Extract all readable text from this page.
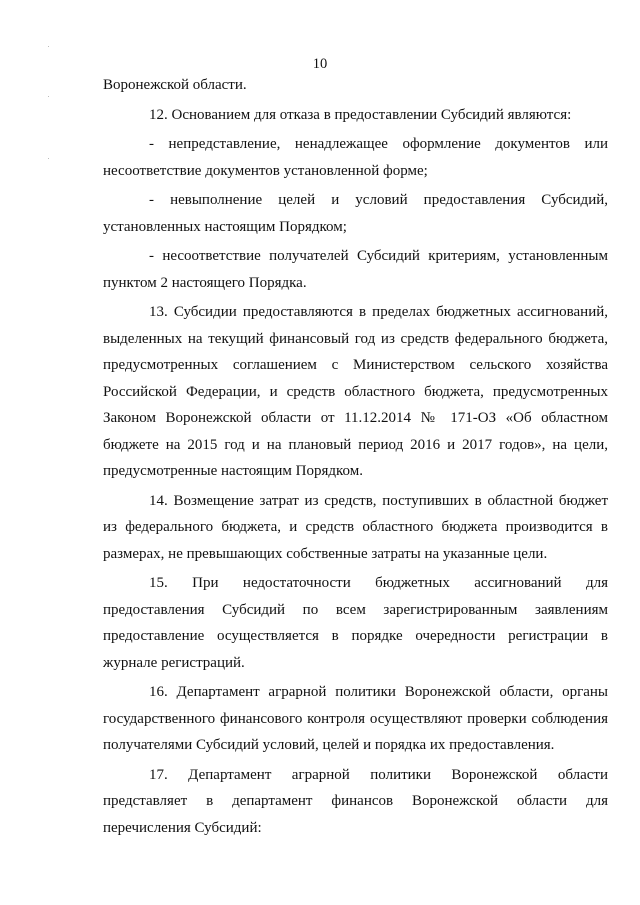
10

Воронежской области.

12. Основанием для отказа в предоставлении Субсидий являются:

- непредставление, ненадлежащее оформление документов или несоответствие документов установленной форме;

- невыполнение целей и условий предоставления Субсидий, установленных настоящим Порядком;

- несоответствие получателей Субсидий критериям, установленным пунктом 2 настоящего Порядка.

13. Субсидии предоставляются в пределах бюджетных ассигнований, выделенных на текущий финансовый год из средств федерального бюджета, предусмотренных соглашением с Министерством сельского хозяйства Российской Федерации, и средств областного бюджета, предусмотренных Законом Воронежской области от 11.12.2014 № 171-ОЗ «Об областном бюджете на 2015 год и на плановый период 2016 и 2017 годов», на цели, предусмотренные настоящим Порядком.

14. Возмещение затрат из средств, поступивших в областной бюджет из федерального бюджета, и средств областного бюджета производится в размерах, не превышающих собственные затраты на указанные цели.

15. При недостаточности бюджетных ассигнований для предоставления Субсидий по всем зарегистрированным заявлениям предоставление осуществляется в порядке очередности регистрации в журнале регистраций.

16. Департамент аграрной политики Воронежской области, органы государственного финансового контроля осуществляют проверки соблюдения получателями Субсидий условий, целей и порядка их предоставления.

17. Департамент аграрной политики Воронежской области представляет в департамент финансов Воронежской области для перечисления Субсидий:
